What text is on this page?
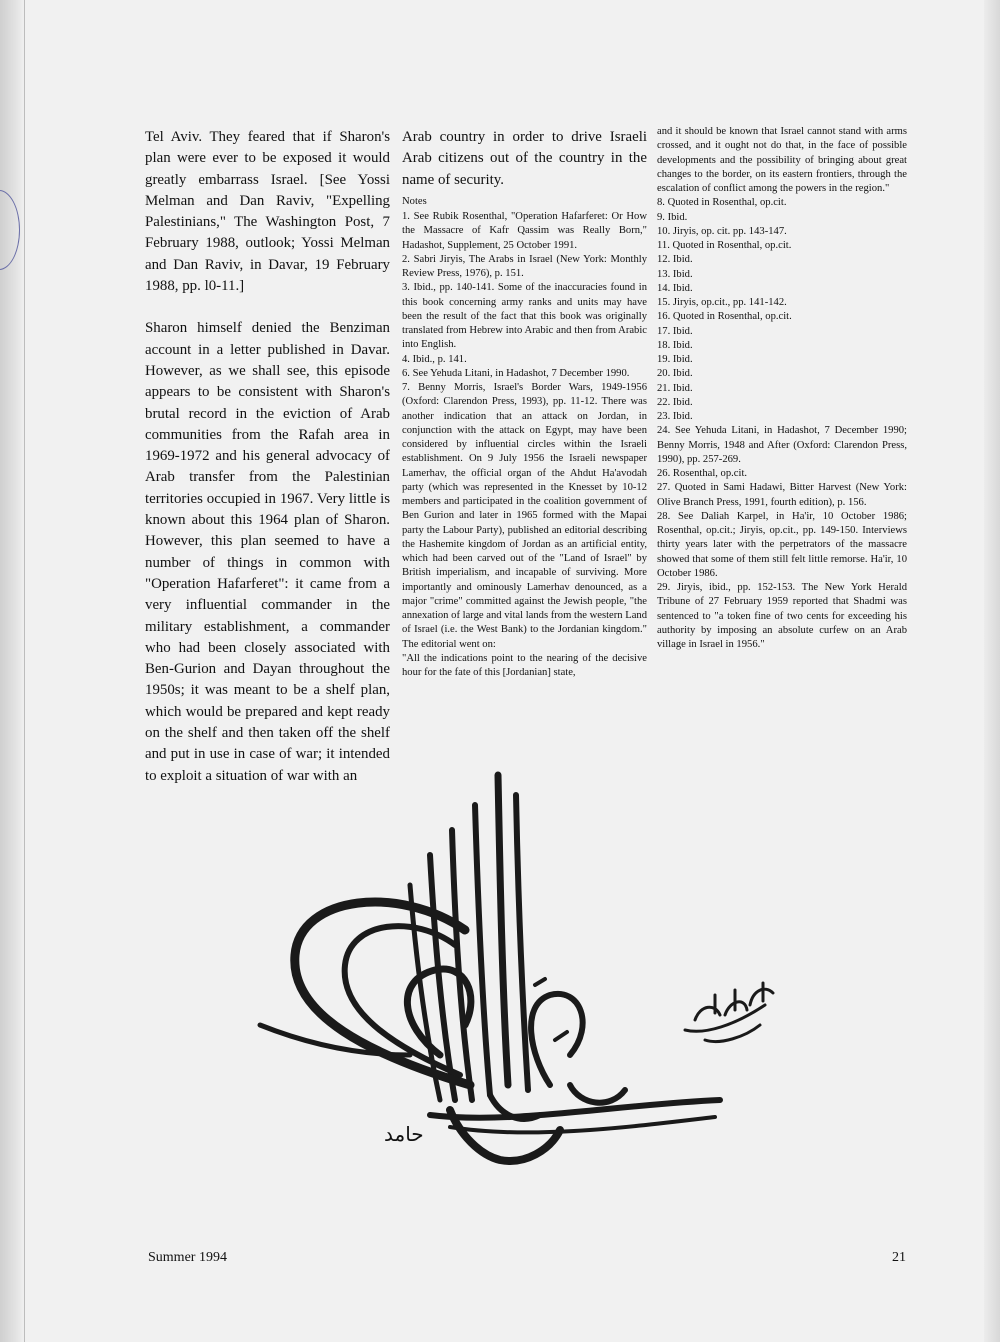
Tel Aviv. They feared that if Sharon's plan were ever to be exposed it would greatly embarrass Israel. [See Yossi Melman and Dan Raviv, "Expelling Palestinians," The Washington Post, 7 February 1988, outlook; Yossi Melman and Dan Raviv, in Davar, 19 February 1988, pp. l0-11.]

Sharon himself denied the Benziman account in a letter published in Davar. However, as we shall see, this episode appears to be consistent with Sharon's brutal record in the eviction of Arab communities from the Rafah area in 1969-1972 and his general advocacy of Arab transfer from the Palestinian territories occupied in 1967. Very little is known about this 1964 plan of Sharon. However, this plan seemed to have a number of things in common with "Operation Hafarferet": it came from a very influential commander in the military establishment, a commander who had been closely associated with Ben-Gurion and Dayan throughout the 1950s; it was meant to be a shelf plan, which would be prepared and kept ready on the shelf and then taken off the shelf and put in use in case of war; it intended to exploit a situation of war with an

Arab country in order to drive Israeli Arab citizens out of the country in the name of security.

Notes

1. See Rubik Rosenthal, "Operation Hafarferet: Or How the Massacre of Kafr Qassim was Really Born," Hadashot, Supplement, 25 October 1991.

2. Sabri Jiryis, The Arabs in Israel (New York: Monthly Review Press, 1976), p. 151.

3. Ibid., pp. 140-141. Some of the inaccuracies found in this book concerning army ranks and units may have been the result of the fact that this book was originally translated from Hebrew into Arabic and then from Arabic into English.

4. Ibid., p. 141.

6. See Yehuda Litani, in Hadashot, 7 December 1990.

7. Benny Morris, Israel's Border Wars, 1949-1956 (Oxford: Clarendon Press, 1993), pp. 11-12. There was another indication that an attack on Jordan, in conjunction with the attack on Egypt, may have been considered by influential circles within the Israeli establishment. On 9 July 1956 the Israeli newspaper Lamerhav, the official organ of the Ahdut Ha'avodah party (which was represented in the Knesset by 10-12 members and participated in the coalition government of Ben Gurion and later in 1965 formed with the Mapai party the Labour Party), published an editorial describing the Hashemite kingdom of Jordan as an artificial entity, which had been carved out of the "Land of Israel" by British imperialism, and incapable of surviving. More importantly and ominously Lamerhav denounced, as a major "crime" committed against the Jewish people, "the annexation of large and vital lands from the western Land of Israel (i.e. the West Bank) to the Jordanian kingdom." The editorial went on:

"All the indications point to the nearing of the decisive hour for the fate of this [Jordanian] state,

and it should be known that Israel cannot stand with arms crossed, and it ought not do that, in the face of possible developments and the possibility of bringing about great changes to the border, on its eastern frontiers, through the escalation of conflict among the powers in the region."

8. Quoted in Rosenthal, op.cit.

9. Ibid.

10. Jiryis, op. cit. pp. 143-147.

11. Quoted in Rosenthal, op.cit.

12. Ibid.

13. Ibid.

14. Ibid.

15. Jiryis, op.cit., pp. 141-142.

16. Quoted in Rosenthal, op.cit.

17. Ibid.

18. Ibid.

19. Ibid.

20. Ibid.

21. Ibid.

22. Ibid.

23. Ibid.

24. See Yehuda Litani, in Hadashot, 7 December 1990; Benny Morris, 1948 and After (Oxford: Clarendon Press, 1990), pp. 257-269.

26. Rosenthal, op.cit.

27. Quoted in Sami Hadawi, Bitter Harvest (New York: Olive Branch Press, 1991, fourth edition), p. 156.

28. See Daliah Karpel, in Ha'ir, 10 October 1986; Rosenthal, op.cit.; Jiryis, op.cit., pp. 149-150. Interviews thirty years later with the perpetrators of the massacre showed that some of them still felt little remorse. Ha'ir, 10 October 1986.

29. Jiryis, ibid., pp. 152-153. The New York Herald Tribune of 27 February 1959 reported that Shadmi was sentenced to "a token fine of two cents for exceeding his authority by imposing an absolute curfew on an Arab village in Israel in 1956."

حامد
Summer 1994	21
